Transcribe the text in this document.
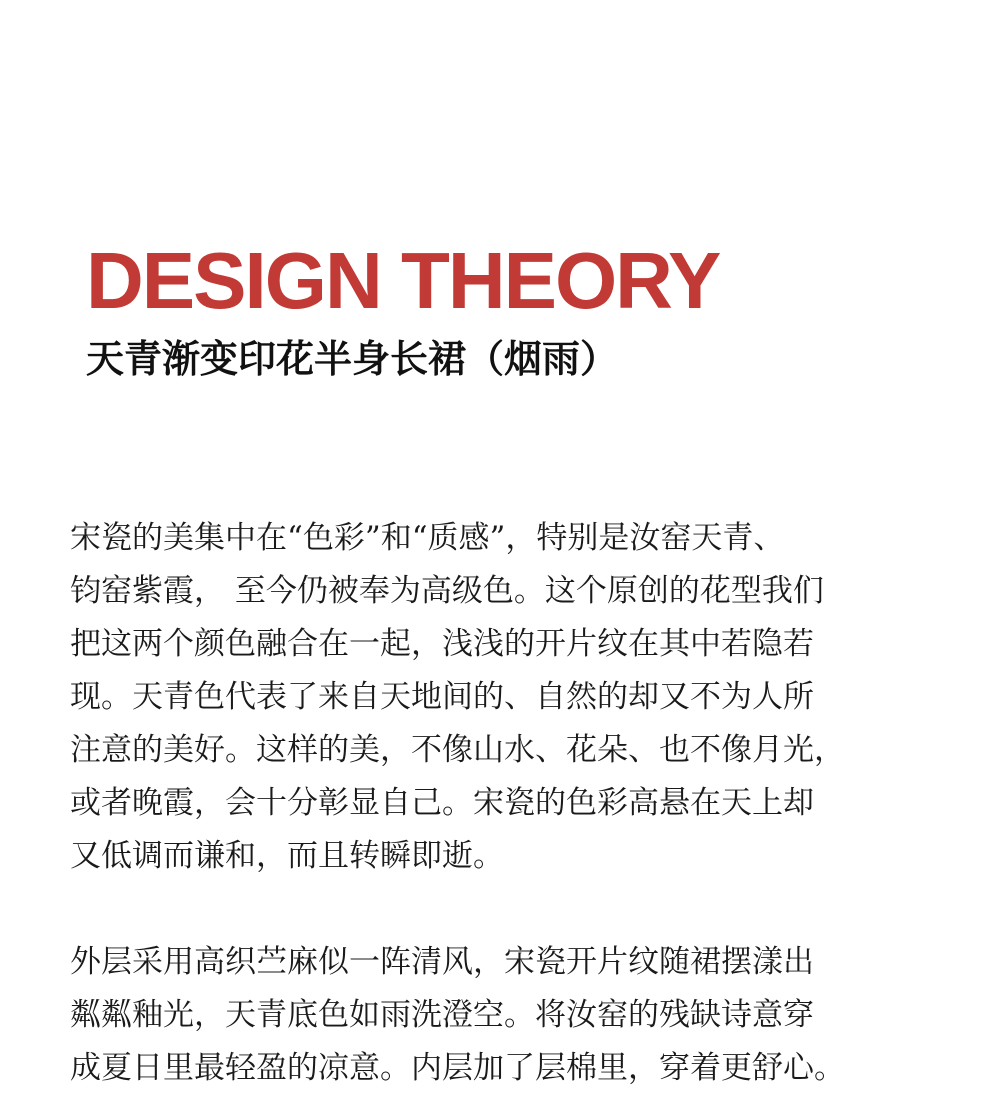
DESIGN THEORY
天青渐变印花半身长裙（烟雨）
宋瓷的美集中在“色彩”和“质感”，特别是汝窑天青、
钧窑紫霞， 至今仍被奉为高级色。这个原创的花型我们
把这两个颜色融合在一起，浅浅的开片纹在其中若隐若
现。天青色代表了来自天地间的、自然的却又不为人所
注意的美好。这样的美，不像山水、花朵、也不像月光，
或者晚霞，会十分彰显自己。宋瓷的色彩高悬在天上却
又低调而谦和，而且转瞬即逝。
外层采用高织苎麻似一阵清风，宋瓷开片纹随裙摆漾出
粼粼釉光，天青底色如雨洗澄空。将汝窑的残缺诗意穿
成夏日里最轻盈的凉意。内层加了层棉里，穿着更舒心。
